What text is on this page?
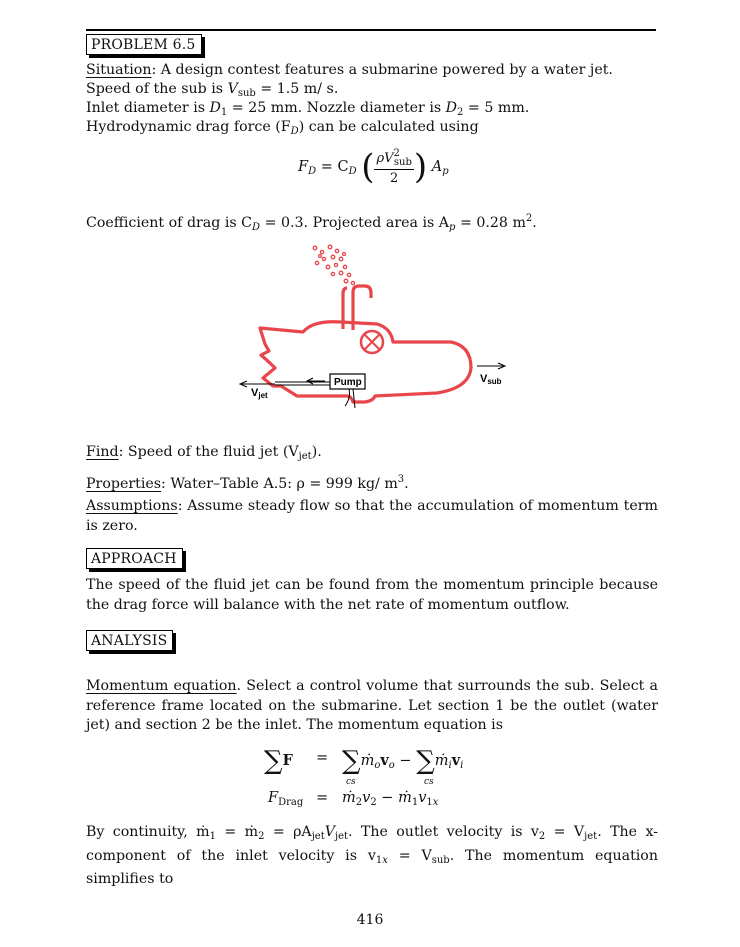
PROBLEM 6.5
Situation: A design contest features a submarine powered by a water jet.
Speed of the sub is $V_{sub} = 1.5$ m/ s.
Inlet diameter is $D_1 = 25$ mm. Nozzle diameter is $D_2 = 5$ mm.
Hydrodynamic drag force $(F_D)$ can be calculated using
$F_D = C_D$ ( $\frac{\rho V^2_{sub}}{2}$ ) $A_p$
Coefficient of drag is $C_D = 0.3$. Projected area is $A_p = 0.28$ $m^2$.
Pump
Vjet
Vsub
Find: Speed of the fluid jet $(V_{jet})$.
Properties: Water–Table A.5: ρ = 999 kg/ $m^3$.
Assumptions: Assume steady flow so that the accumulation of momentum term is zero.
APPROACH
The speed of the fluid jet can be found from the momentum principle because the drag force will balance with the net rate of momentum outflow.
ANALYSIS
Momentum equation. Select a control volume that surrounds the sub. Select a reference frame located on the submarine. Let section 1 be the outlet (water jet) and section 2 be the inlet. The momentum equation is
$\sum F = \sum ṁ_ov_o$ − $\sum ṁ_iv_i$
cs	cs
$F_{Drag}$ = $ṁ_2v_2$ − $ṁ_1v_{1x}$
By continuity, ṁ$_1$ = ṁ$_2$ = $\rho A_{jet}V_{jet}$. The outlet velocity is $v_2 = V_{jet}$. The x-component of the inlet velocity is $v_{1x} = V_{sub}$. The momentum equation simplifies to
416
